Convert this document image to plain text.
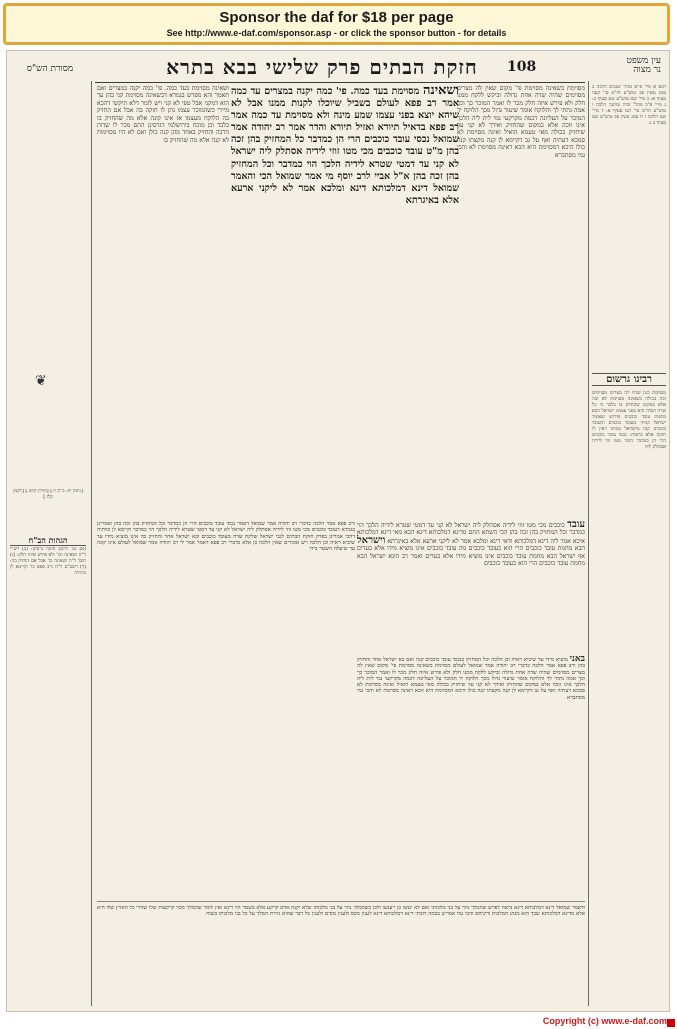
Sponsor the daf for $18 per page
See http://www.e-daf.com/sponsor.asp - or click the sponsor button - for details
עין משפט
נר מצוה
108
חזקת הבתים פרק שלישי בבא בתרא
מסורת הש"ס
רבא א מיי' פ"א מהל' שכנים הלכה ב סמג עשין פב טוש"ע חו"מ סי' קעה סעיף א: ב מיי' שם טוש"ע שם סעיף ב: ג מיי' פ"ב מהל' זכיה ומתנה הלכה ו טוש"ע חו"מ סי' רעו סעיף א: ד מיי' שם הלכה ז ח סמג עשין פב טוש"ע שם סעיף ב ג:
רבינו גרשום
מסוימת כגון שהיו לה מצרים מסוימים זכה בכולה בשאינה מסוימת לא זכה אלא במקום שהחזיק בו בלבד כי כל שדה ושדה הוא בפני עצמו: ישראל הבא מחמת עובד כוכבים פירוש שאומר ישראל קניתי מעובד כוכבים והעובד כוכבים קנה מישראל כמותו דאין לו חזקה אלא בראיה: נכסי עובד כוכבים הרי הן כמדבר דמכי מטו זוזי לידיה אסתלק ליה
[גיטין לז: ב"ק ל:] [חולין קלט.] [לקמן קלז.]
❦
הגהות הב"ח
(א) גמ' לרבנן חזקה גרסינן: (ב) רש"י ד"ה ושאינה וכו' ולא פירש איזה חלק: (ג) תוס' ד"ה ושאינה כו' אבל אם החזיק בה: (ד) רשב"ם ד"ה ורב פפא כו' וקיימא לן כוותיה
מסוימת בשאינה מסוימת פי' מקום שאין לה מצרים מסוימים שהיה שדה אחת גדולה וביקש ללקח ממנו חלק ולא פירש איזה חלק מכר לו ואמר המוכר כך וכך אמה נתתי לך והלוקח אומר שיעור גדול מכך הלוקח יד המוכר על העליונה דכמה מקרקעי נמי לית ליה הלכך אינו זוכה אלא במקום שהחזיק ואידך לא קני עד שיחזיק בכולה מאי טעמא הואיל ואינה מסוימת לא סמכא דעתיה ואף על גב דקיימא לן קנה מקצתו קנה כולו היכא דמסוימת היא הכא דאינה מסוימת לא והכי נמי מסתברא
ושאינה מסוימת בעד כמה. פי' כמה יקנה במצרים ואם תאמר והא מפרש בגמרא דבשאינה מסוימת קני בהן עד הוא דמקני אבל טפי לא קני ויש לומר דלא תיקשי דהכא מיירי כשהמוכר עצמו נתן לו חזקה בה אבל אם החזיק בה הלוקח מעצמו אז אינו קונה אלא מה שהחזיק בו בלבד וכן מוכח בירושלמי דגרסינן התם מכר לו שדות הרבה והחזיק באחד מהן קנה כולן ואם לא היו מסוימות לא קנה אלא מה שהחזיק בו
ושאינה מסוימת בעד כמה. פי' כמה יקנה במצרים עד כמה אמר רב פפא לעולם בשביל שיוכלו לקנות ממנו אבל לא שיהא יוצא בפני עצמו שמע מינה ולא מסוימת עד כמה אמר רב פפא בדאיל תיורא ואזיל תיורא והדר אמר רב יהודה אמר שמואל נכסי עובד כוכבים הרי הן כמדבר כל המחזיק בהן זכה בהן מ"ט עובד כוכבים מכי מטו זוזי לידיה אסתלק ליה ישראל לא קני עד דמטי שטרא לידיה הלכך הוי כמדבר וכל המחזיק בהן זכה בהן א"ל אביי לרב יוסף מי אמר שמואל הכי והאמר שמואל דינא דמלכותא דינא ומלכא אמר לא ליקני ארעא אלא באיגרתא
עובד כוכבים מכי מטו זוזי לידיה אסתלק ליה ישראל לא קני עד דמטי שטרא לידיה הלכך הוי כמדבר וכל המחזיק בהן זכה בהן הכי השתא התם מדינא דמלכותא דינא הכא מאי דינא דמלכותא איכא אמר ליה דינא דמלכותא ודאי דינא ומלכא אמר לא ליקני ארעא אלא באיגרתא וישראל הבא מחמת עובד כוכבים הרי הוא כעובד כוכבים מה עובד כוכבים אינו מוציא מידו אלא בעדים אף ישראל הבא מחמת עובד כוכבים אינו מוציא מידו אלא בעדים ואמר רב הונא ישראל הבא מחמת עובד כוכבים הרי הוא כעובד כוכבים
ורב פפא אמר הלכה כדברי רב יהודה אמר שמואל דאמר נכסי עובד כוכבים הרי הן כמדבר וכל המחזיק בהן זכה בהן ואמרינן בגמרא דעובד כוכבים מכי מטו זוזי לידיה אסתלק ליה ישראל לא קני עד דמטי שטרא לידיה הלכך הוי כמדבר וקיימא לן כוותיה דהכי אמרינן בפרק חזקת הבתים לגבי ישראל שלקח שדה מעובד כוכבים ובא ישראל אחר והחזיק בה אינו מוציא מידו עד שיביא ראיה וכן הלכה ויש אומרים שאין הלכה כן אלא כדברי רב פפא דאמר אמר לי רב יהודה אמר שמואל לעולם אינו קונה עד שיעלה השטר בידו
באני מוציא מידו עד שיביא ראיה וכן הלכה וכל המחזיק בנכסי עובד כוכבים קנה ואם בא ישראל אחר והחזיק בהן ורב פפא אמר הלכה כדברי רב יהודה אמר שמואל לעולם מסוימת בשאינה מסוימת פי' מקום שאין לה מצרים מסוימים שהיה שדה אחת גדולה וביקש ללקח ממנו חלק ולא פירש איזה חלק מכר לו ואמר המוכר כך וכך אמה נתתי לך והלוקח אומר שיעור גדול מכך הלוקח יד המוכר על העליונה דכמה מקרקעי נמי לית ליה הלכך אינו זוכה אלא במקום שהחזיק ואידך לא קני עד שיחזיק בכולה מאי טעמא הואיל ואינה מסוימת לא סמכא דעתיה ואף על גב דקיימא לן קנה מקצתו קנה כולו היכא דמסוימת היא הכא דאינה מסוימת לא והכי נמי מסתברא
ודאמר שמואל דינא דמלכותא דינא נראה לפרש שהמלך גוזר על בני מלכותו ואם לא יעשו כן ייענשו ולכן כשהמלך גוזר על בני מלכותו שלא יקנה אדם קרקע אלא בשטר הוי דינא ואין לומר שהמלך מכר קרקעות שלו שהרי כל הארץ שלו היא אלא מדינא דמלכותא שכך הוא מנהג המלכות ודיניהם והכי נמי אמרינן בכמה דוכתי דינא דמלכותא דינא לענין מכס ולענין מסים ולענין כל דבר שהוא גזירת המלך על כל בני מלכותו בשוה
Copyright (c) www.e-daf.com
